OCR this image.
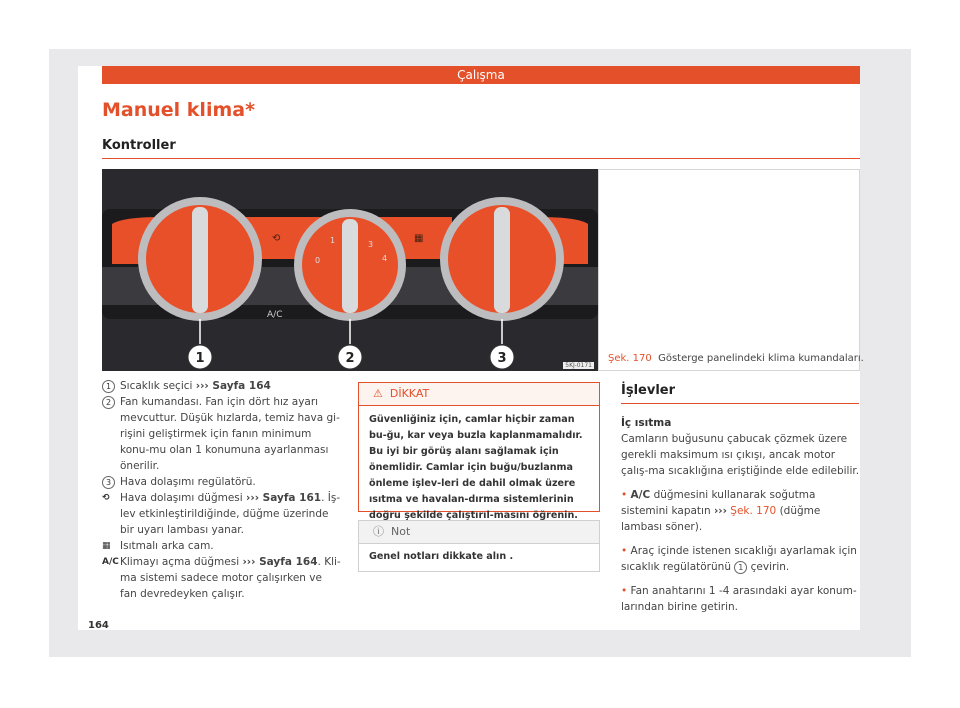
Çalışma
Manuel klima*
Kontroller
⟲	▦
A/C
0
1
2
3
4
1	2	3	5KJ-0171
Şek. 170 Gösterge panelindeki klima kumandaları.
1 Sıcaklık seçici ››› Sayfa 164
2 Fan kumandası. Fan için dört hız ayarı mevcuttur. Düşük hızlarda, temiz hava gi-rişini geliştirmek için fanın minimum konu-mu olan 1 konumuna ayarlanması önerilir.
3 Hava dolaşımı regülatörü.
⟲ Hava dolaşımı düğmesi ››› Sayfa 161. İş-lev etkinleştirildiğinde, düğme üzerinde bir uyarı lambası yanar.
▦ Isıtmalı arka cam.
A/C Klimayı açma düğmesi ››› Sayfa 164. Kli-ma sistemi sadece motor çalışırken ve fan devredeyken çalışır.
⚠ DİKKAT
Güvenliğiniz için, camlar hiçbir zaman bu-ğu, kar veya buzla kaplanmamalıdır. Bu iyi bir görüş alanı sağlamak için önemlidir. Camlar için buğu/buzlanma önleme işlev-leri de dahil olmak üzere ısıtma ve havalan-dırma sistemlerinin doğru şekilde çalıştırıl-masını öğrenin.
ⓘ Not
Genel notları dikkate alın .
İşlevler

İç ısıtma

Camların buğusunu çabucak çözmek üzere gerekli maksimum ısı çıkışı, ancak motor çalış-ma sıcaklığına eriştiğinde elde edilebilir.

• A/C düğmesini kullanarak soğutma sistemini kapatın ››› Şek. 170 (düğme lambası söner).

• Araç içinde istenen sıcaklığı ayarlamak için sıcaklık regülatörünü 1 çevirin.

• Fan anahtarını 1 -4 arasındaki ayar konum-larından birine getirin.

164
